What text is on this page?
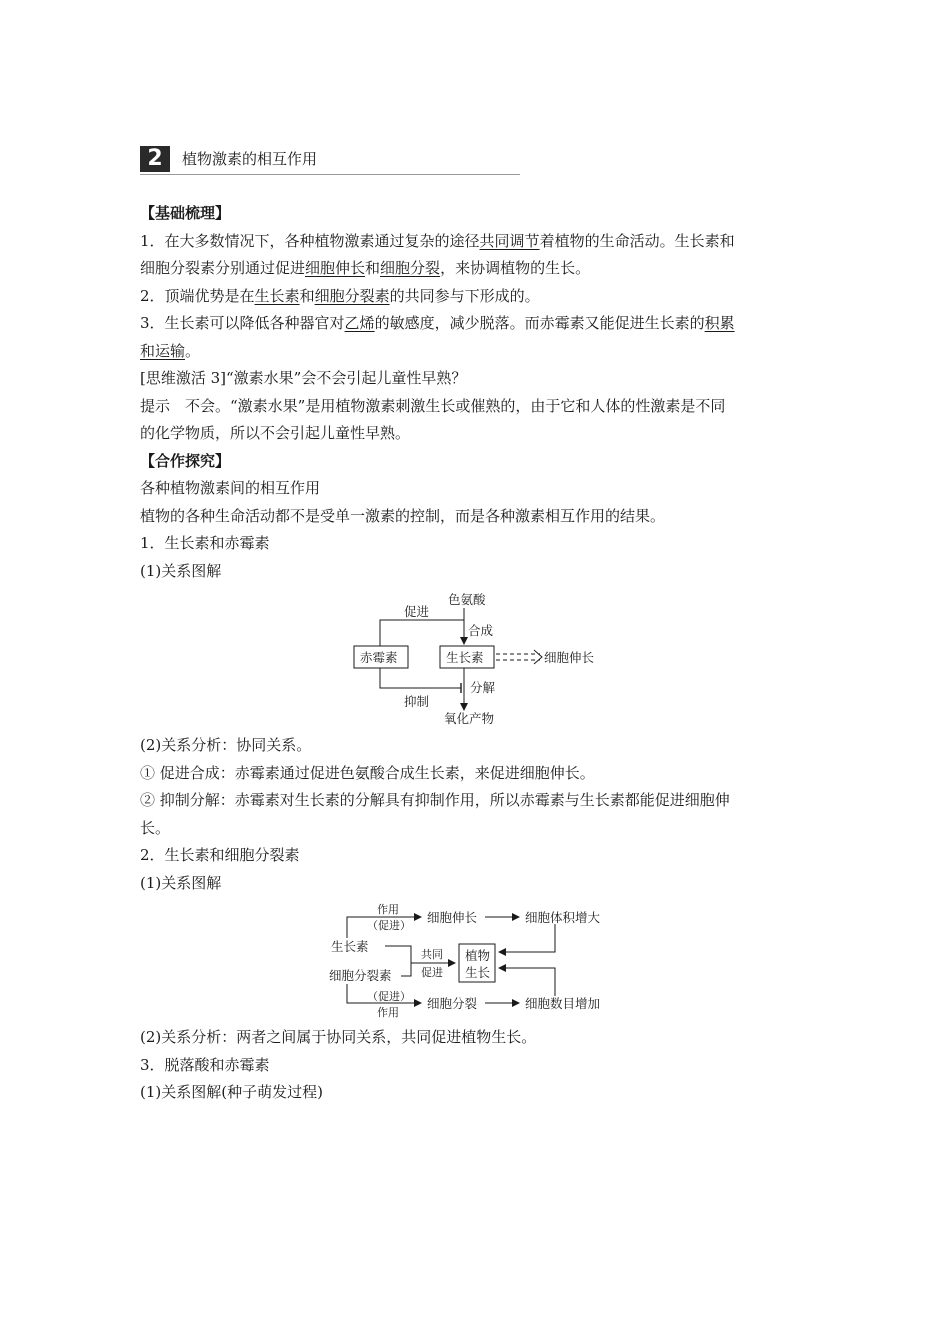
2	植物激素的相互作用
【基础梳理】
1．在大多数情况下，各种植物激素通过复杂的途径共同调节着植物的生命活动。生长素和
细胞分裂素分别通过促进细胞伸长和细胞分裂，来协调植物的生长。
2．顶端优势是在生长素和细胞分裂素的共同参与下形成的。
3．生长素可以降低各种器官对乙烯的敏感度，减少脱落。而赤霉素又能促进生长素的积累
和运输。
[思维激活 3]“激素水果”会不会引起儿童性早熟？
提示　不会。“激素水果”是用植物激素刺激生长或催熟的，由于它和人体的性激素是不同
的化学物质，所以不会引起儿童性早熟。
【合作探究】
各种植物激素间的相互作用
植物的各种生命活动都不是受单一激素的控制，而是各种激素相互作用的结果。
1．生长素和赤霉素
(1)关系图解
色氨酸
促进
合成
赤霉素	生长素	细胞伸长
抑制
分解
氧化产物
(2)关系分析：协同关系。
① 促进合成：赤霉素通过促进色氨酸合成生长素，来促进细胞伸长。
② 抑制分解：赤霉素对生长素的分解具有抑制作用，所以赤霉素与生长素都能促进细胞伸
长。
2．生长素和细胞分裂素
(1)关系图解
作用
（促进）
细胞伸长	细胞体积增大
生长素
共同
促进
植物
生长
细胞分裂素
（促进）
作用
细胞分裂	细胞数目增加
(2)关系分析：两者之间属于协同关系，共同促进植物生长。
3．脱落酸和赤霉素
(1)关系图解(种子萌发过程)
